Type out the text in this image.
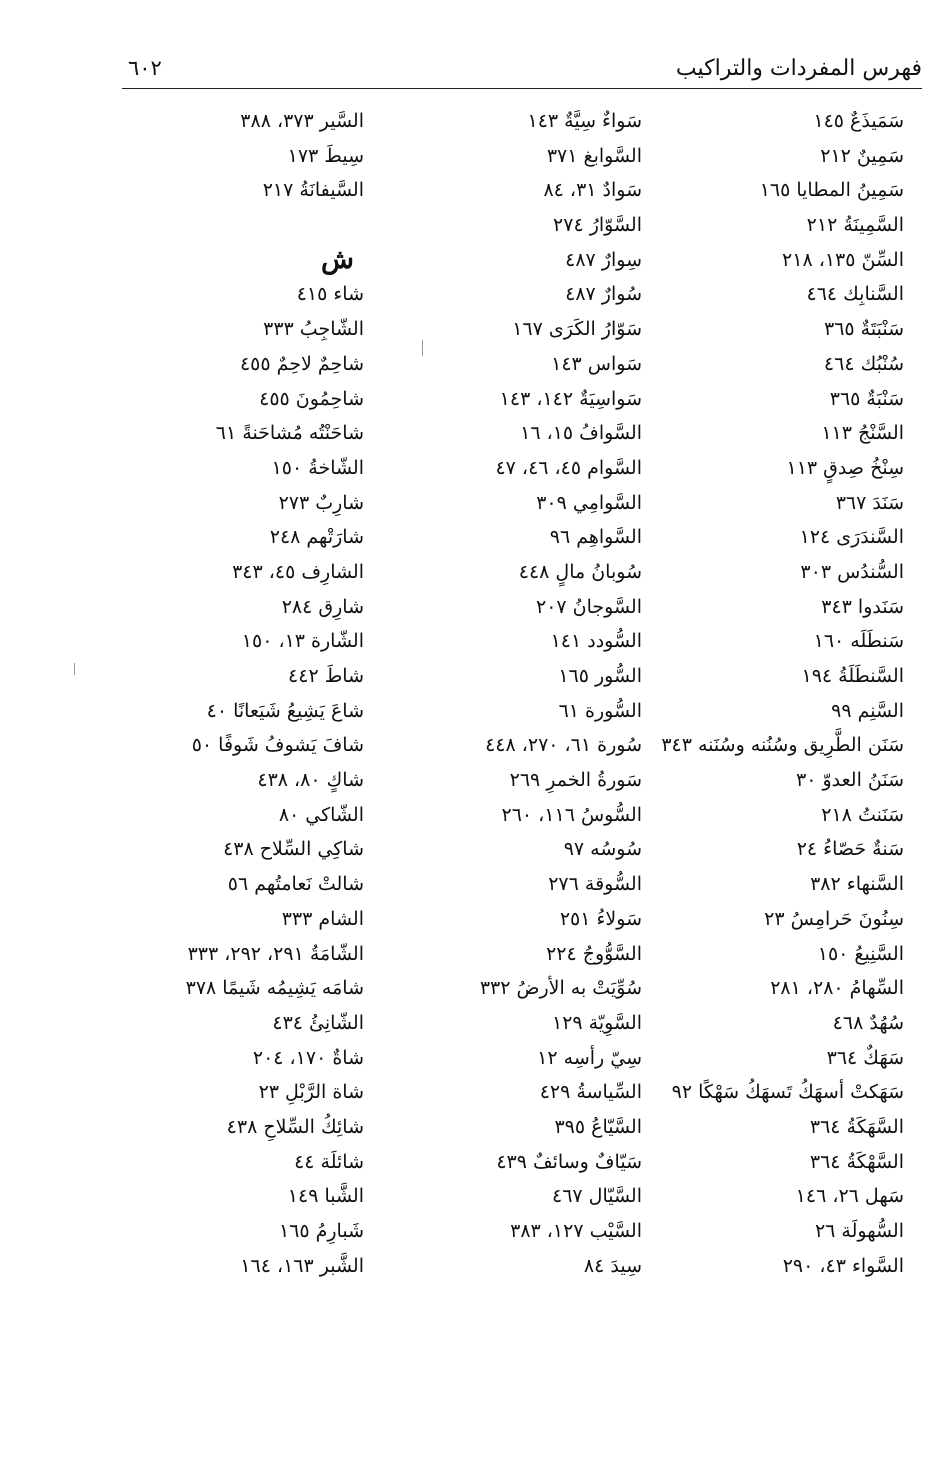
فهرس المفردات والتراكيب
٦٠٢
سَمَيذَعٌ ١٤٥
سَمِينٌ ٢١٢
سَمِينُ المطايا ١٦٥
السَّمِينَةُ ٢١٢
السِّنّ ١٣٥، ٢١٨
السَّنابِك ٤٦٤
سَنْبَتَةٌ ٣٦٥
سُنْبُك ٤٦٤
سَنْبَةٌ ٣٦٥
السَّنْجُ ١١٣
سِنْخُ صِدقٍ ١١٣
سَنَدَ ٣٦٧
السَّندَرَى ١٢٤
السُّندُس ٣٠٣
سَنَدوا ٣٤٣
سَنطَلَه ١٦٠
السَّنطَلَةُ ١٩٤
السَّنِم ٩٩
سَنَن الطَّرِيق وسُنُنه وسُنَنه ٣٤٣
سَنَنُ العدوّ ٣٠
سَنَنتُ ٢١٨
سَنةٌ حَصّاءُ ٢٤
السَّنهاء ٣٨٢
سِنُونَ حَرامِسُ ٢٣
السَّنِيعُ ١٥٠
السِّهامُ ٢٨٠، ٢٨١
سُهُدٌ ٤٦٨
سَهَكٌ ٣٦٤
سَهَكتْ أسهَكُ تَسهَكُ سَهْكًا ٩٢
السَّهَكَةُ ٣٦٤
السَّهْكَةُ ٣٦٤
سَهل ٢٦، ١٤٦
السُّهولَة ٢٦
السَّواء ٤٣، ٢٩٠
سَواءٌ سِيَّةٌ ١٤٣
السَّوابغ ٣٧١
سَوادٌ ٣١، ٨٤
السَّوّارُ ٢٧٤
سِوارٌ ٤٨٧
سُوارٌ ٤٨٧
سَوّارُ الكَرَى ١٦٧
سَواس ١٤٣
سَواسِيَةٌ ١٤٢، ١٤٣
السَّوافُ ١٥، ١٦
السَّوام ٤٥، ٤٦، ٤٧
السَّوامِي ٣٠٩
السَّواهِم ٩٦
سُوبانُ مالٍ ٤٤٨
السَّوجانُ ٢٠٧
السُّودد ١٤١
السُّور ١٦٥
السُّورة ٦١
سُورة ٦١، ٢٧٠، ٤٤٨
سَورةُ الخمرِ ٢٦٩
السُّوسُ ١١٦، ٢٦٠
سُوسُه ٩٧
السُّوقة ٢٧٦
سَولاءُ ٢٥١
السَّوُّوجُ ٢٢٤
سُوِّيَتْ به الأرضُ ٣٣٢
السَّوِيّة ١٢٩
سِيّ رأسِه ١٢
السِّياسةُ ٤٢٩
السَّيّاعُ ٣٩٥
سَيّافٌ وسائفٌ ٤٣٩
السَّيّال ٤٦٧
السَّيْب ١٢٧، ٣٨٣
سِيدَ ٨٤
السَّير ٣٧٣، ٣٨٨
سِيطَ ١٧٣
السَّيفانَةُ ٢١٧
ش
شاء ٤١٥
الشّاجِبُ ٣٣٣
شاحِمٌ لاحِمٌ ٤٥٥
شاحِمُونَ ٤٥٥
شاحَنْتُه مُشاحَنةً ٦١
الشّاخةُ ١٥٠
شارِبٌ ٢٧٣
شارَتْهم ٢٤٨
الشارِف ٤٥، ٣٤٣
شارِق ٢٨٤
الشّارة ١٣، ١٥٠
شاطَ ٤٤٢
شاعَ يَشِيعُ شَيَعانًا ٤٠
شافَ يَشوفُ شَوفًا ٥٠
شاكٍ ٨٠، ٤٣٨
الشّاكي ٨٠
شاكِي السِّلاح ٤٣٨
شالتْ نَعامتُهم ٥٦
الشام ٣٣٣
الشّامَةُ ٢٩١، ٢٩٢، ٣٣٣
شامَه يَشِيمُه شَيمًا ٣٧٨
الشّانِئُ ٤٣٤
شاةٌ ١٧٠، ٢٠٤
شاة الرَّبْلِ ٢٣
شائِكُ السِّلاحِ ٤٣٨
شائلَة ٤٤
الشَّبا ١٤٩
شَبارِمُ ١٦٥
الشَّبر ١٦٣، ١٦٤
